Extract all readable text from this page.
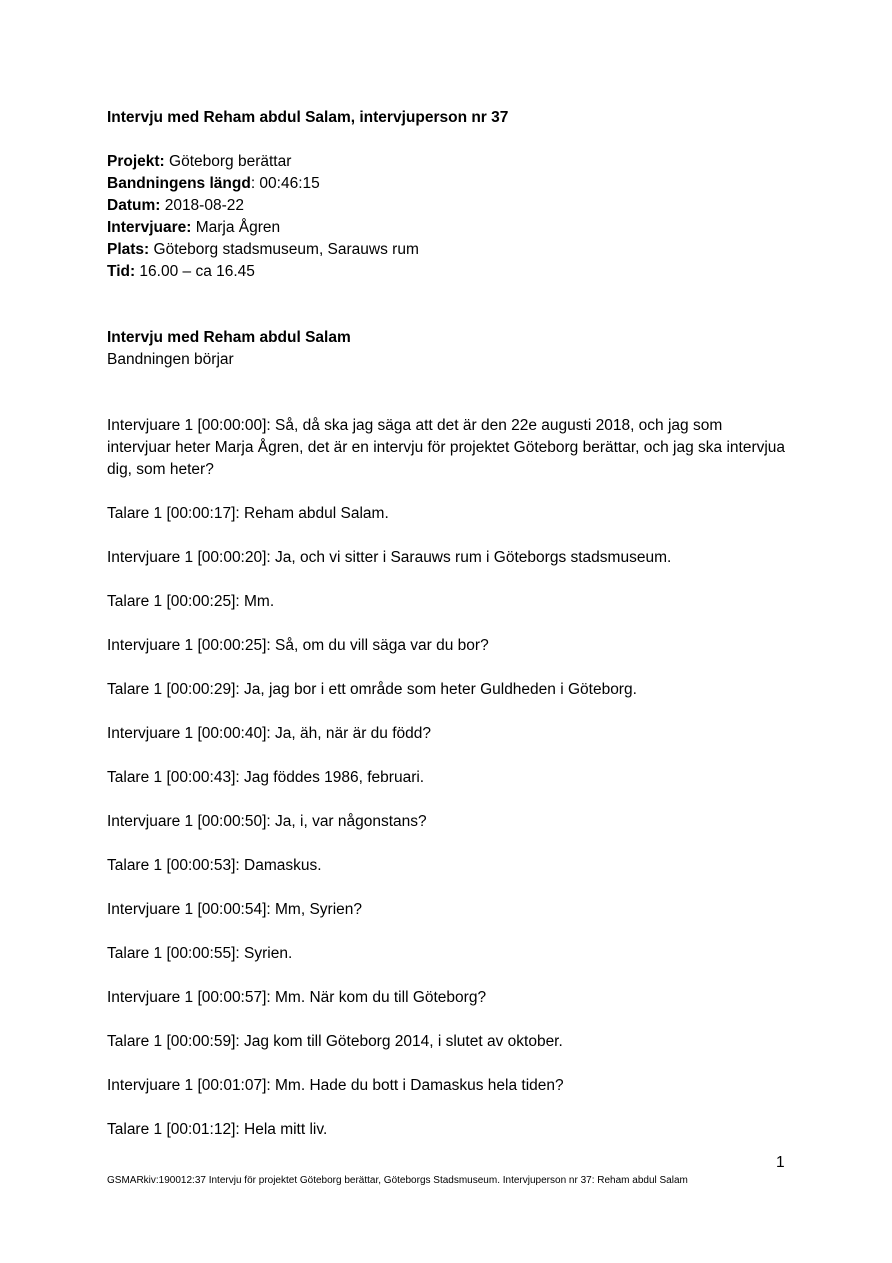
Intervju med Reham abdul Salam, intervjuperson nr 37

Projekt: Göteborg berättar

Bandningens längd: 00:46:15

Datum: 2018-08-22

Intervjuare: Marja Ågren

Plats: Göteborg stadsmuseum, Sarauws rum

Tid: 16.00 – ca 16.45

Intervju med Reham abdul Salam

Bandningen börjar

Intervjuare 1 [00:00:00]: Så, då ska jag säga att det är den 22e augusti 2018, och jag som intervjuar heter Marja Ågren, det är en intervju för projektet Göteborg berättar, och jag ska intervjua dig, som heter?

Talare 1 [00:00:17]: Reham abdul Salam.

Intervjuare 1 [00:00:20]: Ja, och vi sitter i Sarauws rum i Göteborgs stadsmuseum.

Talare 1 [00:00:25]: Mm.

Intervjuare 1 [00:00:25]: Så, om du vill säga var du bor?

Talare 1 [00:00:29]: Ja, jag bor i ett område som heter Guldheden i Göteborg.

Intervjuare 1 [00:00:40]: Ja, äh, när är du född?

Talare 1 [00:00:43]: Jag föddes 1986, februari.

Intervjuare 1 [00:00:50]: Ja, i, var någonstans?

Talare 1 [00:00:53]: Damaskus.

Intervjuare 1 [00:00:54]: Mm, Syrien?

Talare 1 [00:00:55]: Syrien.

Intervjuare 1 [00:00:57]: Mm. När kom du till Göteborg?

Talare 1 [00:00:59]: Jag kom till Göteborg 2014, i slutet av oktober.

Intervjuare 1 [00:01:07]: Mm. Hade du bott i Damaskus hela tiden?

Talare 1 [00:01:12]: Hela mitt liv.

1
GSMARkiv:190012:37 Intervju för projektet Göteborg berättar, Göteborgs Stadsmuseum. Intervjuperson nr 37: Reham abdul Salam
